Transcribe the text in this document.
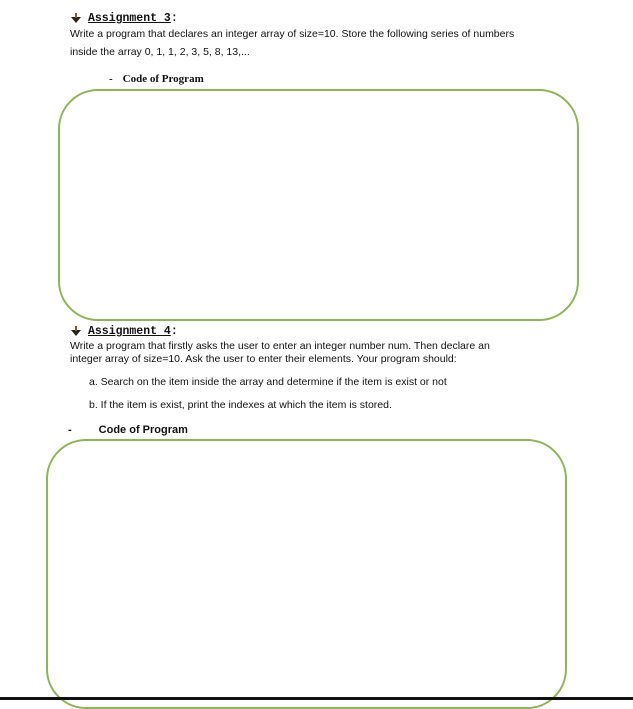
Assignment 3:
Write a program that declares an integer array of size=10. Store the following series of numbers
inside the array 0, 1, 1, 2, 3, 5, 8, 13,...
- Code of Program
Assignment 4:
Write a program that firstly asks the user to enter an integer number num. Then declare an
integer array of size=10. Ask the user to enter their elements. Your program should:
a. Search on the item inside the array and determine if the item is exist or not
b. If the item is exist, print the indexes at which the item is stored.
- Code of Program
